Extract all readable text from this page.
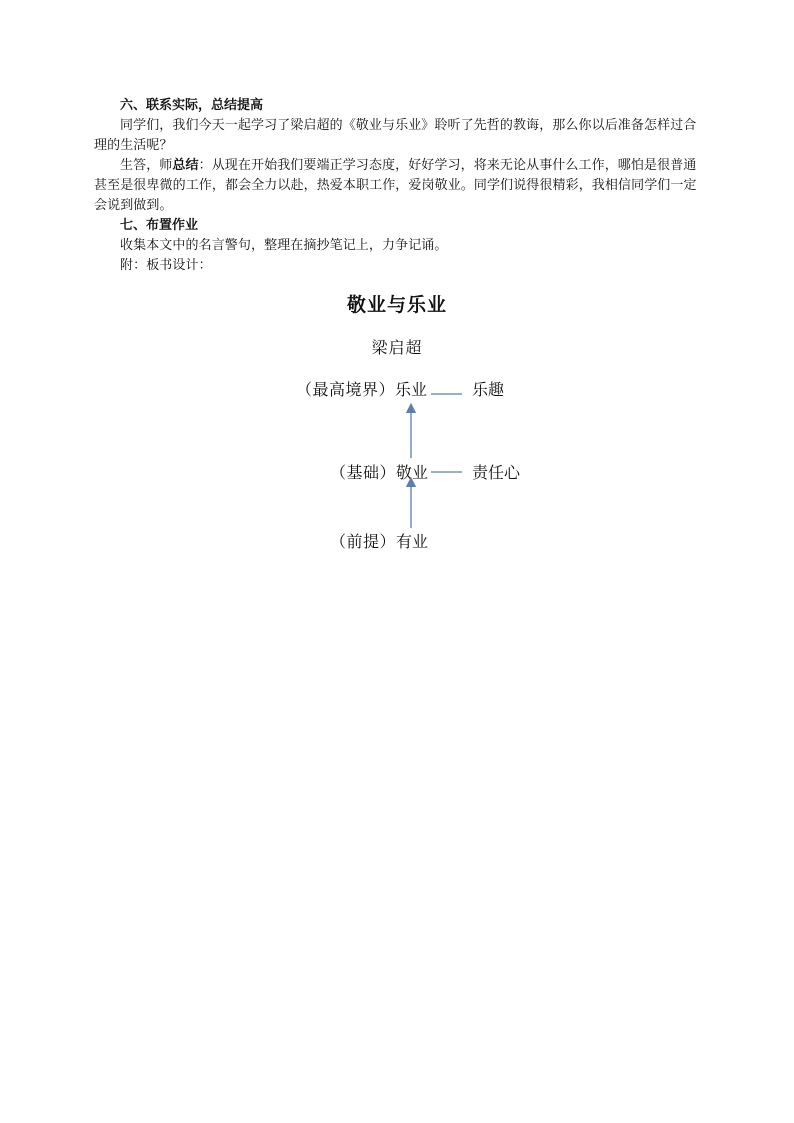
六、联系实际，总结提高

同学们，我们今天一起学习了梁启超的《敬业与乐业》聆听了先哲的教诲，那么你以后准备怎样过合理的生活呢？

生答，师总结：从现在开始我们要端正学习态度，好好学习，将来无论从事什么工作，哪怕是很普通甚至是很卑微的工作，都会全力以赴，热爱本职工作，爱岗敬业。同学们说得很精彩，我相信同学们一定会说到做到。

七、布置作业

收集本文中的名言警句，整理在摘抄笔记上，力争记诵。

附：板书设计：

敬业与乐业
梁启超
（最高境界）乐业	乐趣
（基础）敬业	责任心
（前提）有业
